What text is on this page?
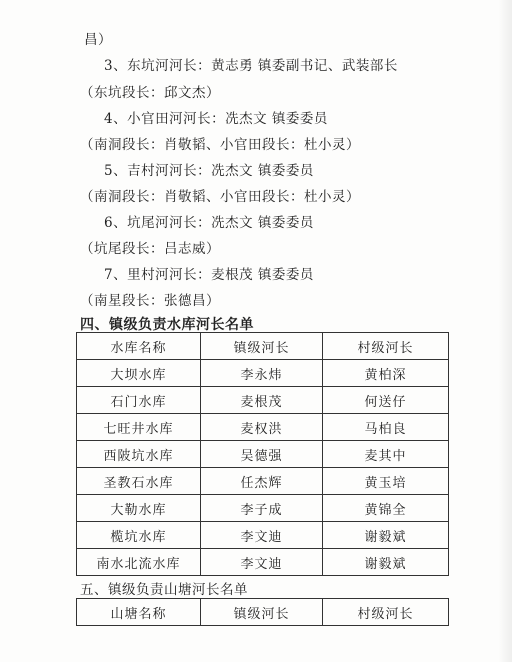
昌）
3、东坑河河长：黄志勇 镇委副书记、武装部长
（东坑段长：邱文杰）
4、小官田河河长：冼杰文 镇委委员
（南洞段长：肖敬韬、小官田段长：杜小灵）
5、吉村河河长：冼杰文 镇委委员
（南洞段长：肖敬韬、小官田段长：杜小灵）
6、坑尾河河长：冼杰文 镇委委员
（坑尾段长：吕志威）
7、里村河河长：麦根茂 镇委委员
（南星段长：张德昌）
四、镇级负责水库河长名单
水库名称	镇级河长	村级河长
大坝水库	李永炜	黄柏深
石门水库	麦根茂	何送仔
七旺井水库	麦权洪	马柏良
西陂坑水库	吴德强	麦其中
圣教石水库	任杰辉	黄玉培
大勒水库	李子成	黄锦全
榄坑水库	李文迪	谢毅斌
南水北流水库	李文迪	谢毅斌
五、镇级负责山塘河长名单
山塘名称	镇级河长	村级河长
